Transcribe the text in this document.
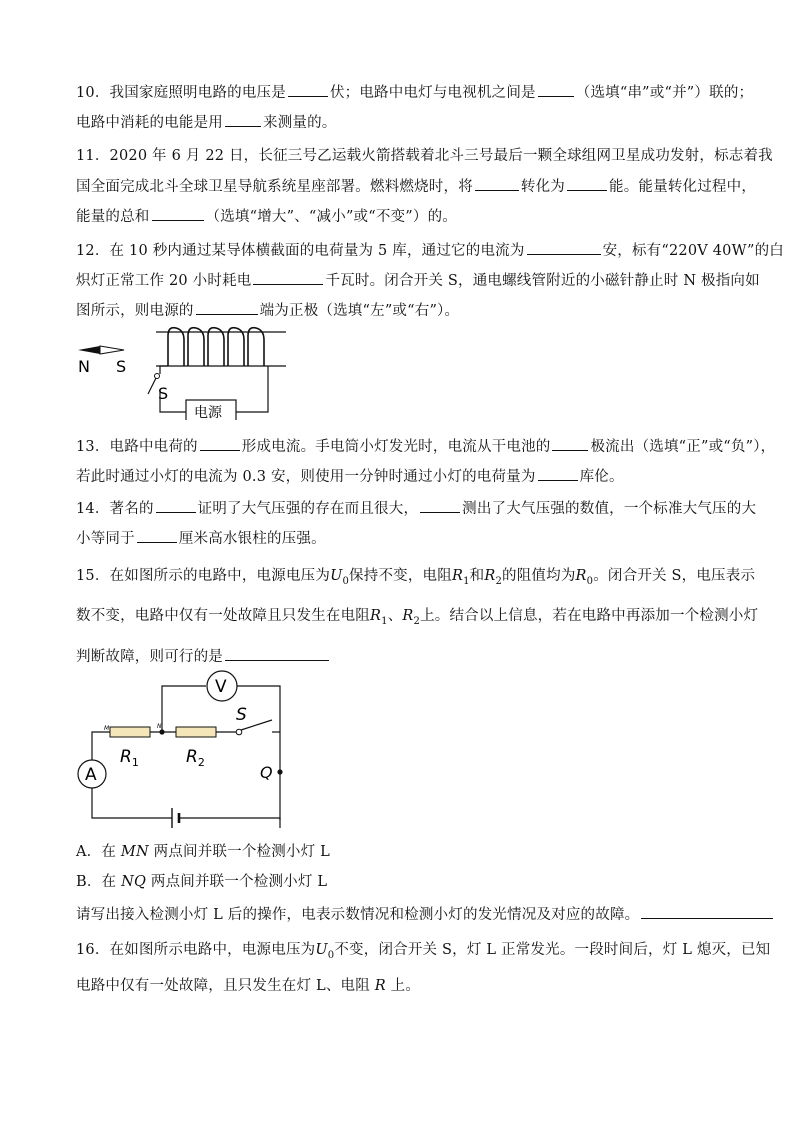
10．我国家庭照明电路的电压是	伏；电路中电灯与电视机之间是	（选填“串”或“并”）联的；
电路中消耗的电能是用	来测量的。
11．2020 年 6 月 22 日，长征三号乙运载火箭搭载着北斗三号最后一颗全球组网卫星成功发射，标志着我
国全面完成北斗全球卫星导航系统星座部署。燃料燃烧时，将	转化为	能。能量转化过程中，
能量的总和	（选填“增大”、“减小”或“不变”）的。
12．在 10 秒内通过某导体横截面的电荷量为 5 库，通过它的电流为	安，标有“220V 40W”的白
炽灯正常工作 20 小时耗电	千瓦时。闭合开关 S，通电螺线管附近的小磁针静止时 N 极指向如
图所示，则电源的	端为正极（选填“左”或“右”）。
N S
S
电源
13．电路中电荷的	形成电流。手电筒小灯发光时，电流从干电池的	极流出（选填“正”或“负”），
若此时通过小灯的电流为 0.3 安，则使用一分钟时通过小灯的电荷量为	库伦。
14．著名的	证明了大气压强的存在而且很大，	测出了大气压强的数值，一个标准大气压的大
小等同于	厘米高水银柱的压强。
15．在如图所示的电路中，电源电压为$U_0$保持不变，电阻$R_1$和$R_2$的阻值均为$R_0$。闭合开关 S，电压表示
数不变，电路中仅有一处故障且只发生在电阻$R_1$、$R_2$上。结合以上信息，若在电路中再添加一个检测小灯
判断故障，则可行的是
V
S
Q
M	N
$R_1$	$R_2$
A
A．在 MN 两点间并联一个检测小灯 L
B．在 NQ 两点间并联一个检测小灯 L
请写出接入检测小灯 L 后的操作，电表示数情况和检测小灯的发光情况及对应的故障。
16．在如图所示电路中，电源电压为$U_0$不变，闭合开关 S，灯 L 正常发光。一段时间后，灯 L 熄灭，已知
电路中仅有一处故障，且只发生在灯 L、电阻 R 上。
